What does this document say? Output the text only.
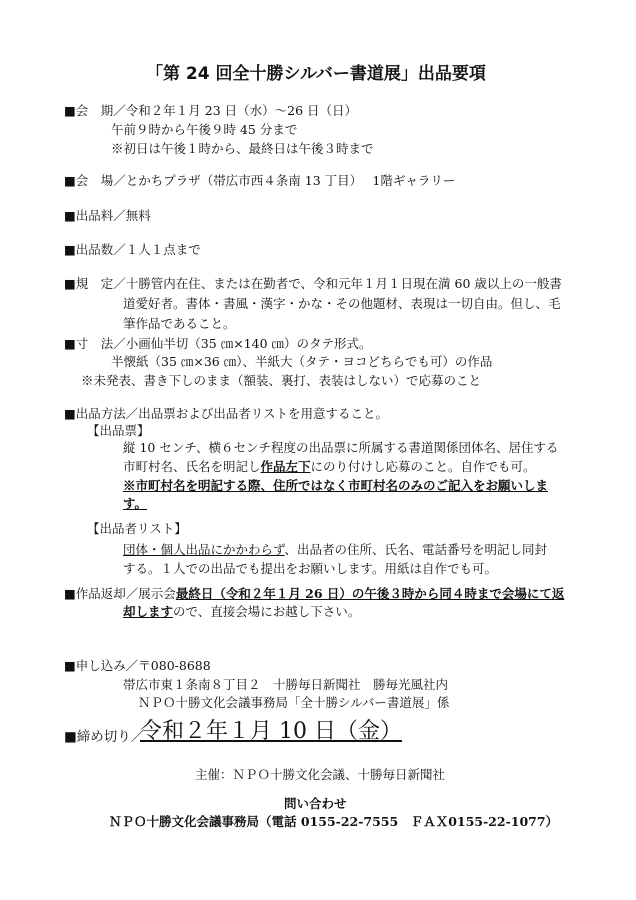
「第 24 回全十勝シルバー書道展」出品要項
■会　期／令和２年１月 23 日（水）～26 日（日）
午前９時から午後９時 45 分まで
※初日は午後１時から、最終日は午後３時まで
■会　場／とかちプラザ（帯広市西４条南 13 丁目）　 1階ギャラリー
■出品料／無料
■出品数／１人１点まで
■規　定／十勝管内在住、または在勤者で、令和元年１月１日現在満 60 歳以上の一般書
道愛好者。書体・書風・漢字・かな・その他題材、表現は一切自由。但し、毛
筆作品であること。
■寸　法／小画仙半切（35 ㎝×140 ㎝）のタテ形式。
半懐紙（35 ㎝×36 ㎝）、半紙大（タテ・ヨコどちらでも可）の作品
※未発表、書き下しのまま（額装、裏打、表装はしない）で応募のこと
■出品方法／出品票および出品者リストを用意すること。
【出品票】
縦 10 センチ、横６センチ程度の出品票に所属する書道関係団体名、居住する
市町村名、氏名を明記し作品左下にのり付けし応募のこと。自作でも可。
※市町村名を明記する際、住所ではなく市町村名のみのご記入をお願いしま
す。
【出品者リスト】
団体・個人出品にかかわらず、出品者の住所、氏名、電話番号を明記し同封
する。１人での出品でも提出をお願いします。用紙は自作でも可。
■作品返却／展示会最終日（令和２年１月 26 日）の午後３時から同４時まで会場にて返
却しますので、直接会場にお越し下さい。
■申し込み／〒080‐8688
帯広市東１条南８丁目２　十勝毎日新聞社　勝毎光風社内
ＮＰＯ十勝文化会議事務局「全十勝シルバー書道展」係
■締め切り／
令和２年１月 10 日（金）
主催：ＮＰＯ十勝文化会議、十勝毎日新聞社
問い合わせ
ＮＰＯ十勝文化会議事務局（電話 0155-22-7555　ＦＡＸ0155-22-1077）
